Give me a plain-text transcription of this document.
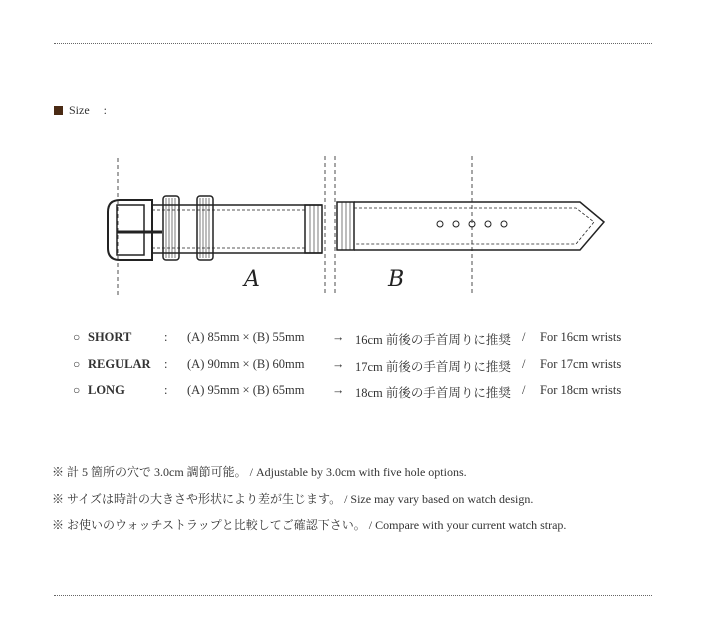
Size :
A	B
○ SHORT	: (A) 85mm × (B) 55mm → 16cm 前後の手首周りに推奨 / For 16cm wrists
○ REGULAR : (A) 90mm × (B) 60mm → 17cm 前後の手首周りに推奨 / For 17cm wrists
○ LONG	: (A) 95mm × (B) 65mm → 18cm 前後の手首周りに推奨 / For 18cm wrists
※ 計 5 箇所の穴で 3.0cm 調節可能。 / Adjustable by 3.0cm with five hole options.
※ サイズは時計の大きさや形状により差が生じます。 / Size may vary based on watch design.
※ お使いのウォッチストラップと比較してご確認下さい。 / Compare with your current watch strap.
